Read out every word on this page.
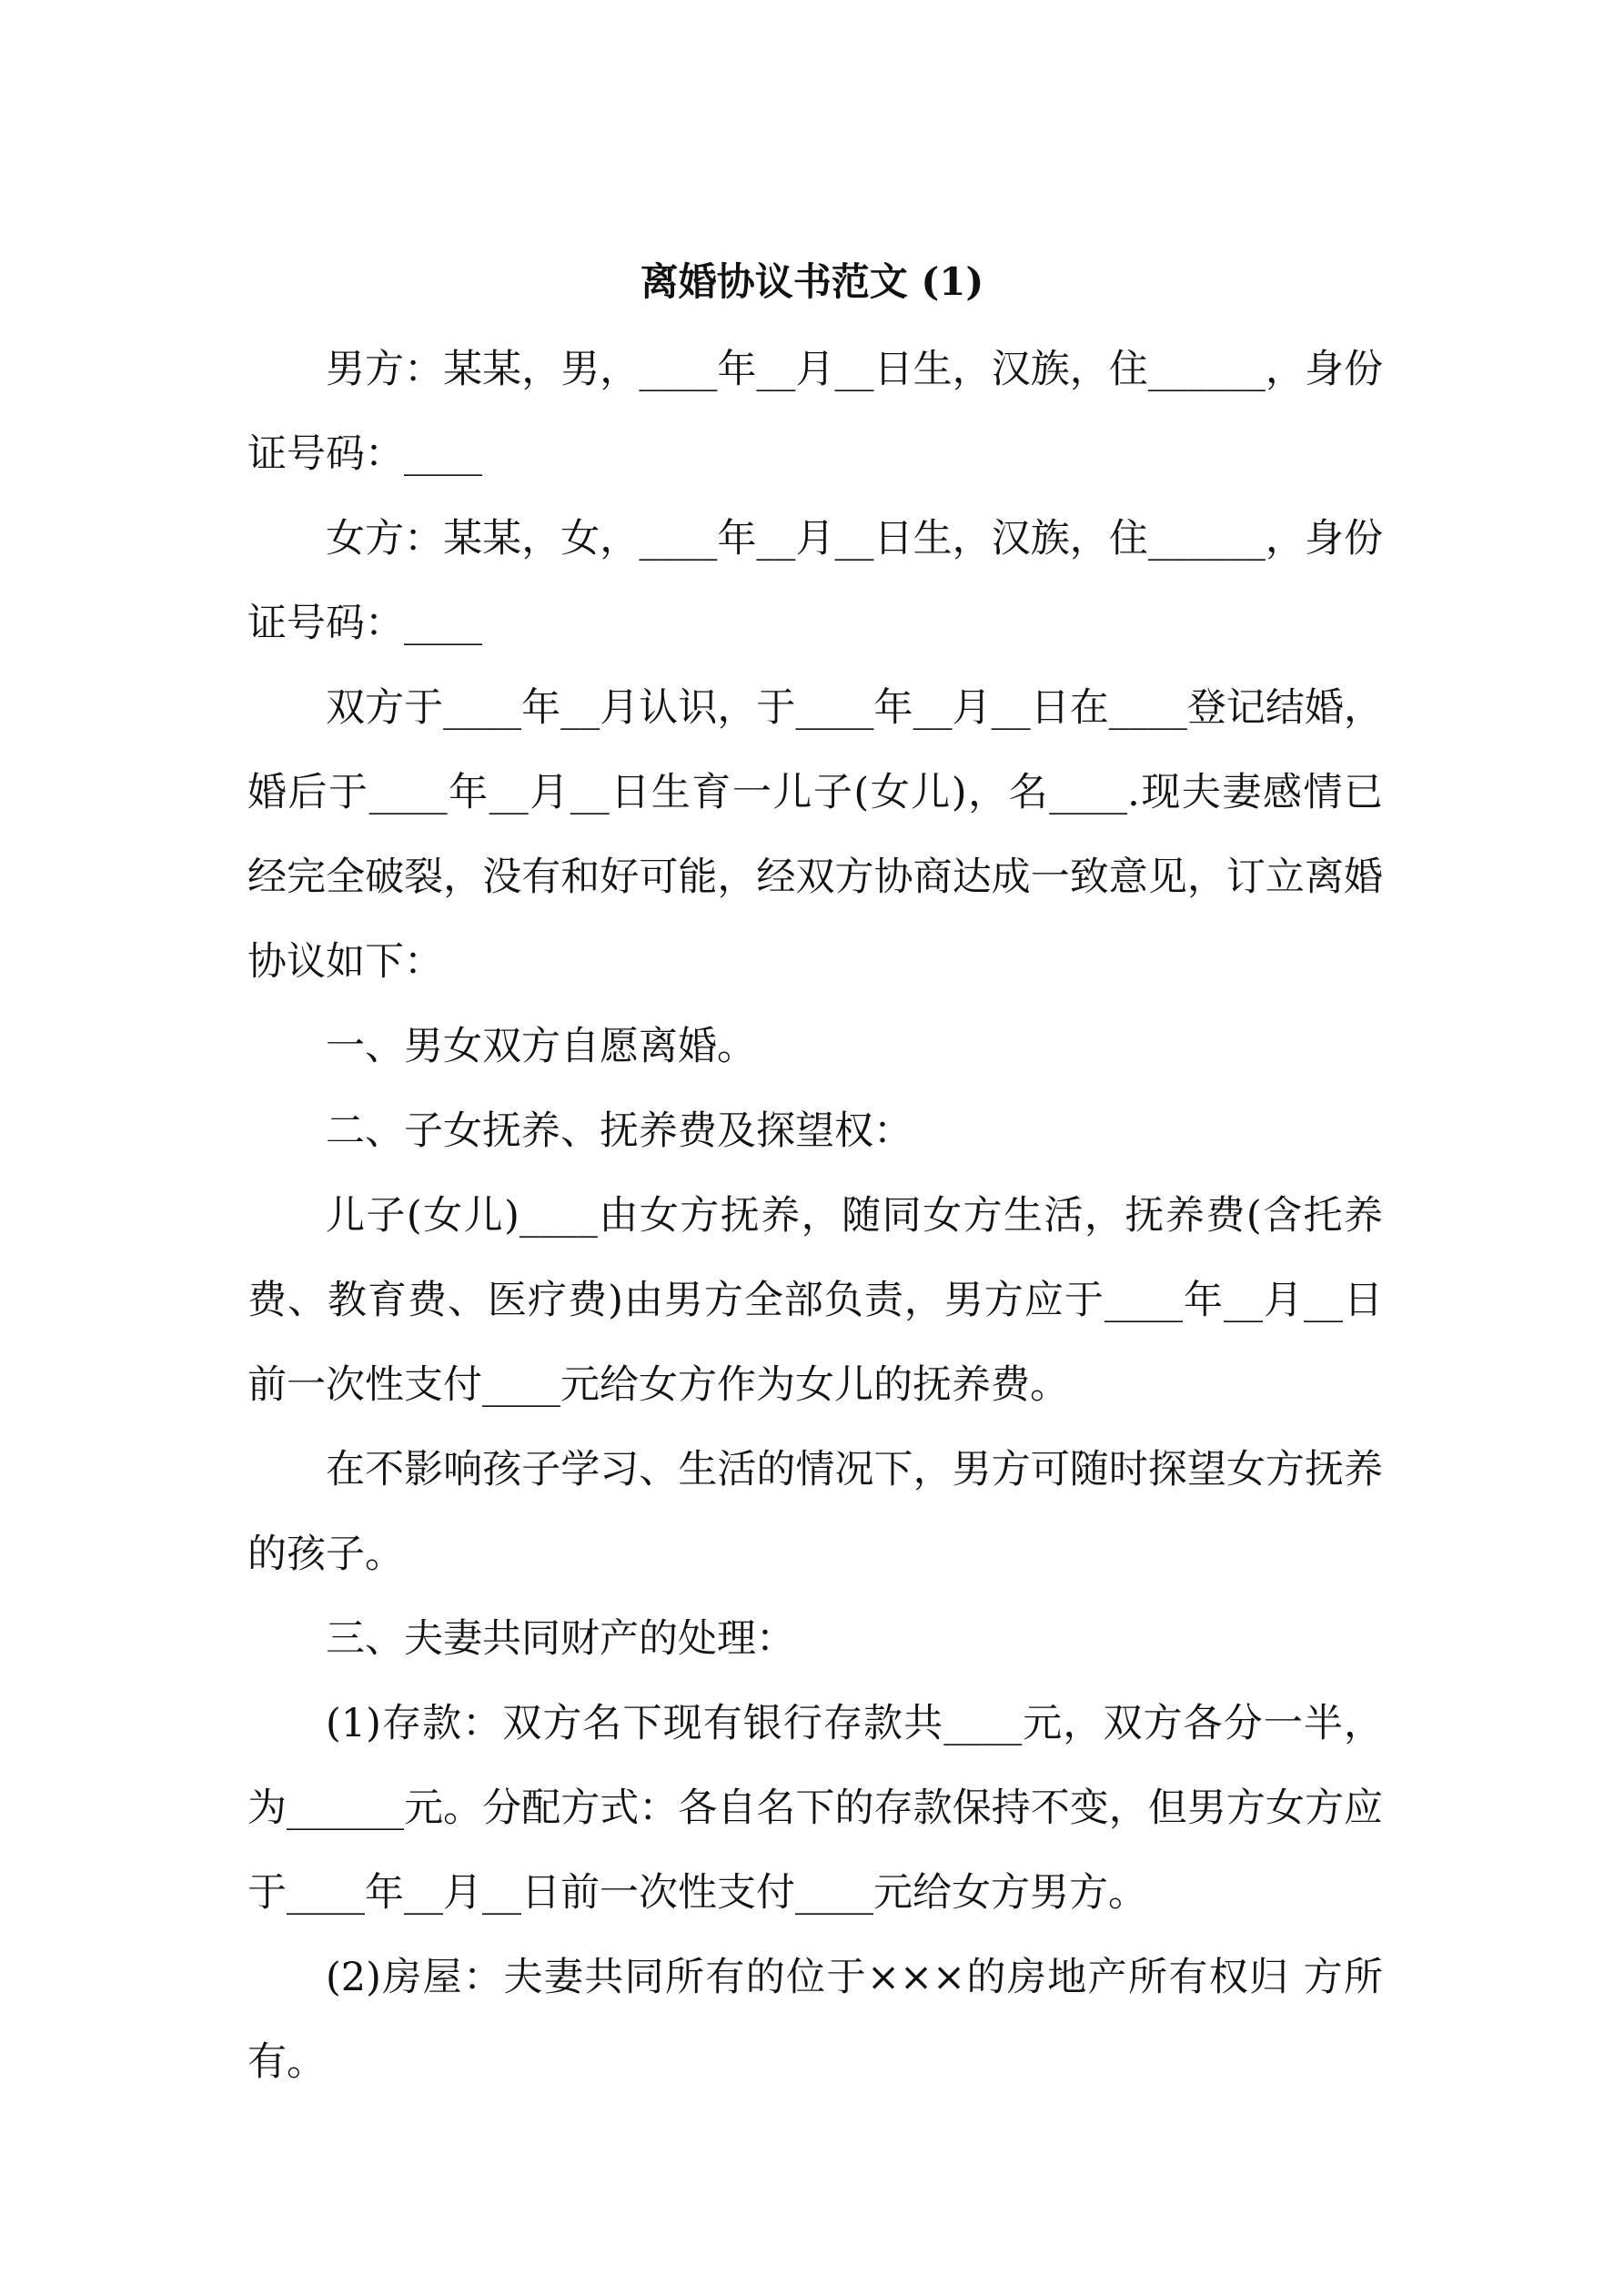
离婚协议书范文 (1)

男方：某某，男，____年__月__日生，汉族，住______，身份证号码：____

女方：某某，女，____年__月__日生，汉族，住______，身份证号码：____

双方于____年__月认识，于____年__月__日在____登记结婚，婚后于____年__月__日生育一儿子(女儿)，名____.现夫妻感情已经完全破裂，没有和好可能，经双方协商达成一致意见，订立离婚协议如下：

一、男女双方自愿离婚。

二、子女抚养、抚养费及探望权：

儿子(女儿)____由女方抚养，随同女方生活，抚养费(含托养费、教育费、医疗费)由男方全部负责，男方应于____年__月__日前一次性支付____元给女方作为女儿的抚养费。

在不影响孩子学习、生活的情况下，男方可随时探望女方抚养的孩子。

三、夫妻共同财产的处理：

(1)存款：双方名下现有银行存款共____元，双方各分一半，为______元。分配方式：各自名下的存款保持不变，但男方女方应于____年__月__日前一次性支付____元给女方男方。

(2)房屋：夫妻共同所有的位于×××的房地产所有权归 方所有。
